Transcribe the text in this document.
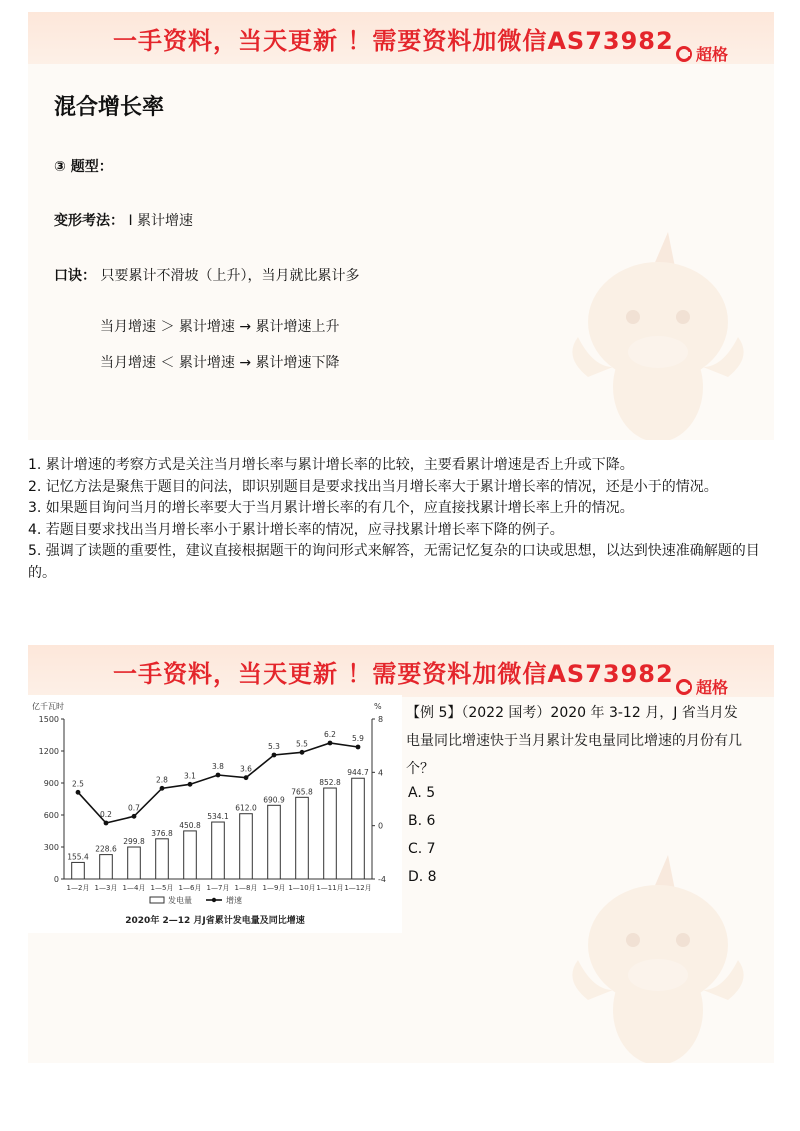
一手资料，当天更新 ！需要资料加微信AS73982 超格
混合增长率
③ 题型：
变形考法： Ⅰ 累计增速
口诀： 只要累计不滑坡（上升），当月就比累计多
当月增速 ＞ 累计增速 → 累计增速上升
当月增速 ＜ 累计增速 → 累计增速下降

1. 累计增速的考察方式是关注当月增长率与累计增长率的比较，主要看累计增速是否上升或下降。

2. 记忆方法是聚焦于题目的问法，即识别题目是要求找出当月增长率大于累计增长率的情况，还是小于的情况。

3. 如果题目询问当月的增长率要大于当月累计增长率的有几个，应直接找累计增长率上升的情况。

4. 若题目要求找出当月增长率小于累计增长率的情况，应寻找累计增长率下降的例子。

5. 强调了读题的重要性，建议直接根据题干的询问形式来解答，无需记忆复杂的口诀或思想，以达到快速准确解题的目的。

一手资料，当天更新 ！需要资料加微信AS73982 超格
亿千瓦时	%
0
300
600
900
1200
1500
-4
0
4
8
155.4
228.6
299.8
376.8
450.8
534.1
612.0
690.9
765.8
852.8
944.7
2.5
0.2
0.7
2.8 3.1
3.8 3.6
5.3 5.5
6.2 5.9
1—2月 1—3月 1—4月 1—5月 1—6月 1—7月 1—8月 1—9月 1—10月 1—11月 1—12月
发电量	增速
2020年 2—12 月J省累计发电量及同比增速
【例 5】（2022 国考）2020 年 3-12 月，J 省当月发电量同比增速快于当月累计发电量同比增速的月份有几个？
A. 5
B. 6
C. 7
D. 8
